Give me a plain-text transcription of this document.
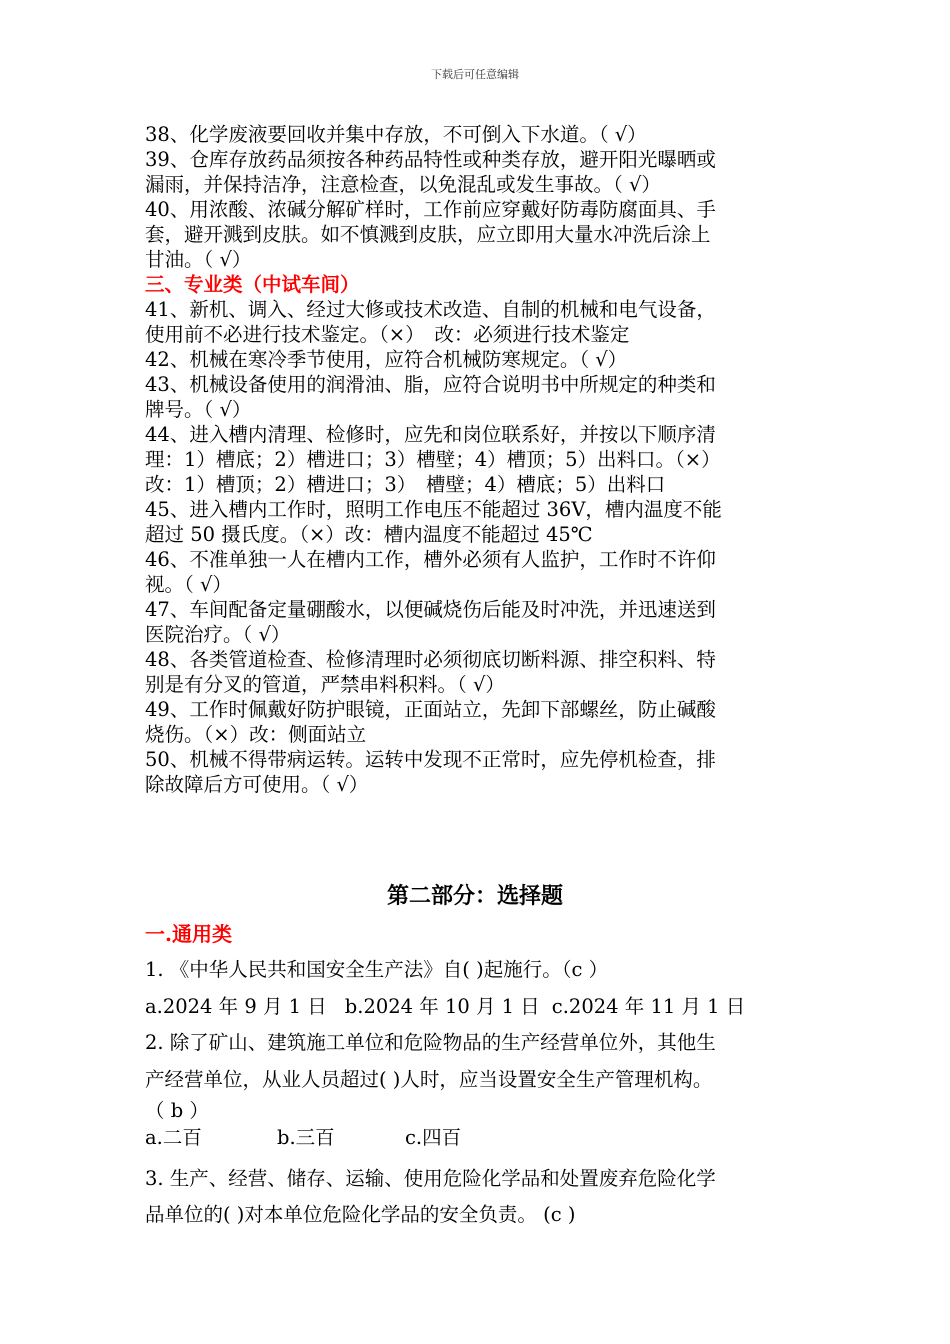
下载后可任意编辑
38、化学废液要回收并集中存放，不可倒入下水道。（ √）
39、仓库存放药品须按各种药品特性或种类存放，避开阳光曝晒或
漏雨，并保持洁净，注意检查，以免混乱或发生事故。（ √）
40、用浓酸、浓碱分解矿样时，工作前应穿戴好防毒防腐面具、手
套，避开溅到皮肤。如不慎溅到皮肤，应立即用大量水冲洗后涂上
甘油。（ √）
三、专业类（中试车间）
41、新机、调入、经过大修或技术改造、自制的机械和电气设备，
使用前不必进行技术鉴定。（×）　改：必须进行技术鉴定
42、机械在寒冷季节使用，应符合机械防寒规定。（ √）
43、机械设备使用的润滑油、脂，应符合说明书中所规定的种类和
牌号。（ √）
44、进入槽内清理、检修时，应先和岗位联系好，并按以下顺序清
理：1）槽底；2）槽进口；3）槽壁；4）槽顶；5）出料口。（×）
改：1）槽顶；2）槽进口；3）　槽壁；4）槽底；5）出料口
45、进入槽内工作时，照明工作电压不能超过 36V，槽内温度不能
超过 50 摄氏度。（×）改：槽内温度不能超过 45℃
46、不准单独一人在槽内工作，槽外必须有人监护，工作时不许仰
视。（ √）
47、车间配备定量硼酸水，以便碱烧伤后能及时冲洗，并迅速送到
医院治疗。（ √）
48、各类管道检查、检修清理时必须彻底切断料源、排空积料、特
别是有分叉的管道，严禁串料积料。（ √）
49、工作时佩戴好防护眼镜，正面站立，先卸下部螺丝，防止碱酸
烧伤。（×）改：侧面站立
50、机械不得带病运转。运转中发现不正常时，应先停机检查，排
除故障后方可使用。（ √）
第二部分：选择题
一.通用类
1. 《中华人民共和国安全生产法》自( )起施行。（c ）
a.2024 年 9 月 1 日 b.2024 年 10 月 1 日 c.2024 年 11 月 1 日
2. 除了矿山、建筑施工单位和危险物品的生产经营单位外，其他生
产经营单位，从业人员超过( )人时，应当设置安全生产管理机构。
（ b ）
a.二百	b.三百	c.四百
3. 生产、经营、储存、运输、使用危险化学品和处置废弃危险化学
品单位的( )对本单位危险化学品的安全负责。 (c )
